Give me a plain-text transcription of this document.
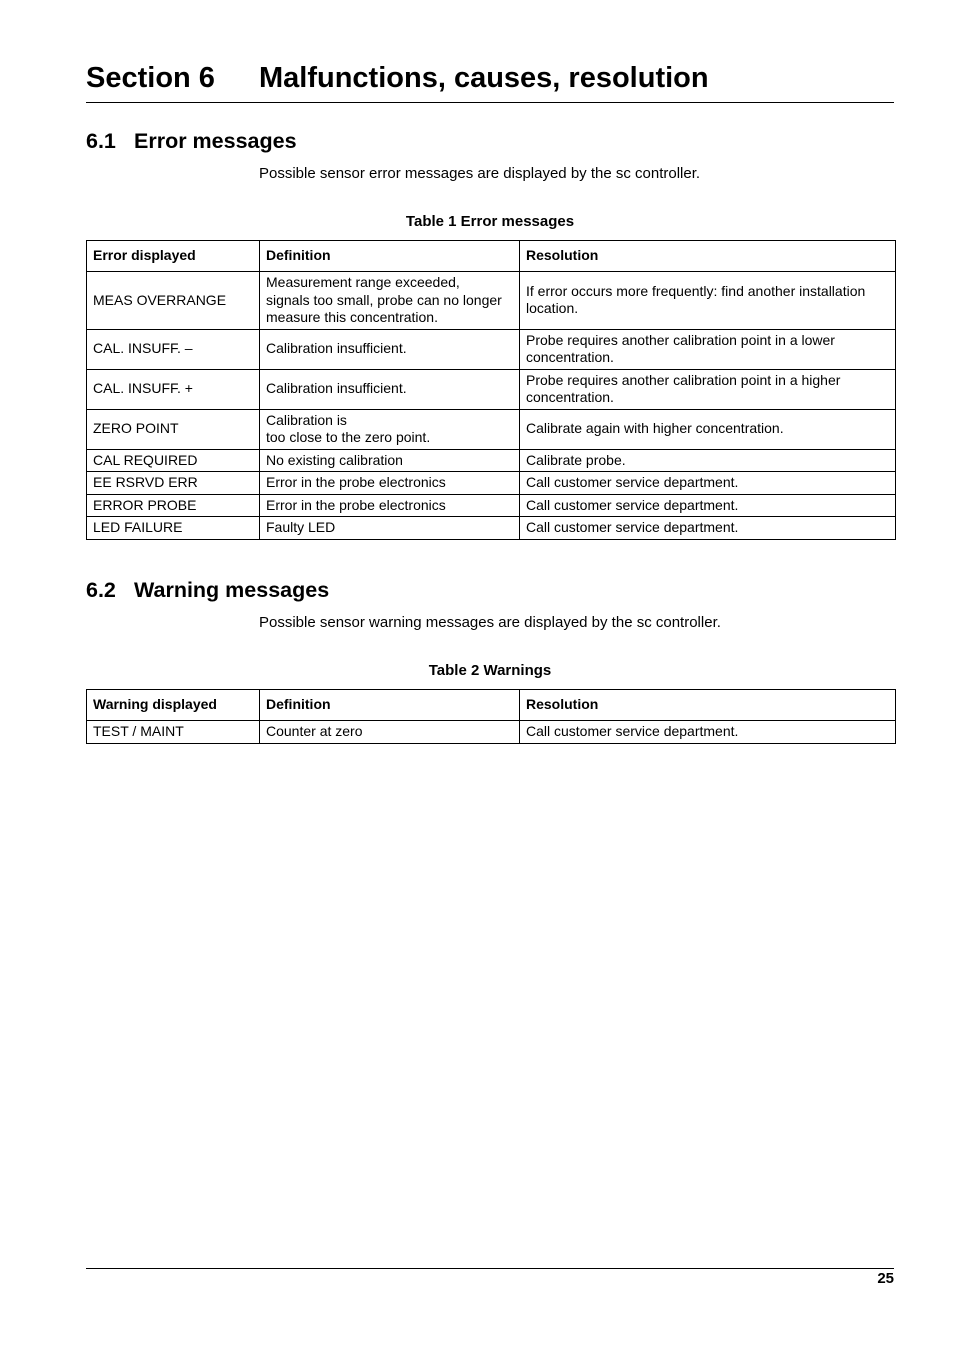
Section 6 Malfunctions, causes, resolution
6.1 Error messages
Possible sensor error messages are displayed by the sc controller.
Table 1 Error messages
Error displayed	Definition	Resolution
MEAS OVERRANGE	Measurement range exceeded,
signals too small, probe can no longer
measure this concentration.	If error occurs more frequently: find another installation
location.
CAL. INSUFF. –	Calibration insufficient.	Probe requires another calibration point in a lower
concentration.
CAL. INSUFF. +	Calibration insufficient.	Probe requires another calibration point in a higher
concentration.
ZERO POINT	Calibration is
too close to the zero point.	Calibrate again with higher concentration.
CAL REQUIRED	No existing calibration	Calibrate probe.
EE RSRVD ERR	Error in the probe electronics	Call customer service department.
ERROR PROBE	Error in the probe electronics	Call customer service department.
LED FAILURE	Faulty LED	Call customer service department.
6.2 Warning messages
Possible sensor warning messages are displayed by the sc controller.
Table 2 Warnings
Warning displayed	Definition	Resolution
TEST / MAINT	Counter at zero	Call customer service department.
25
